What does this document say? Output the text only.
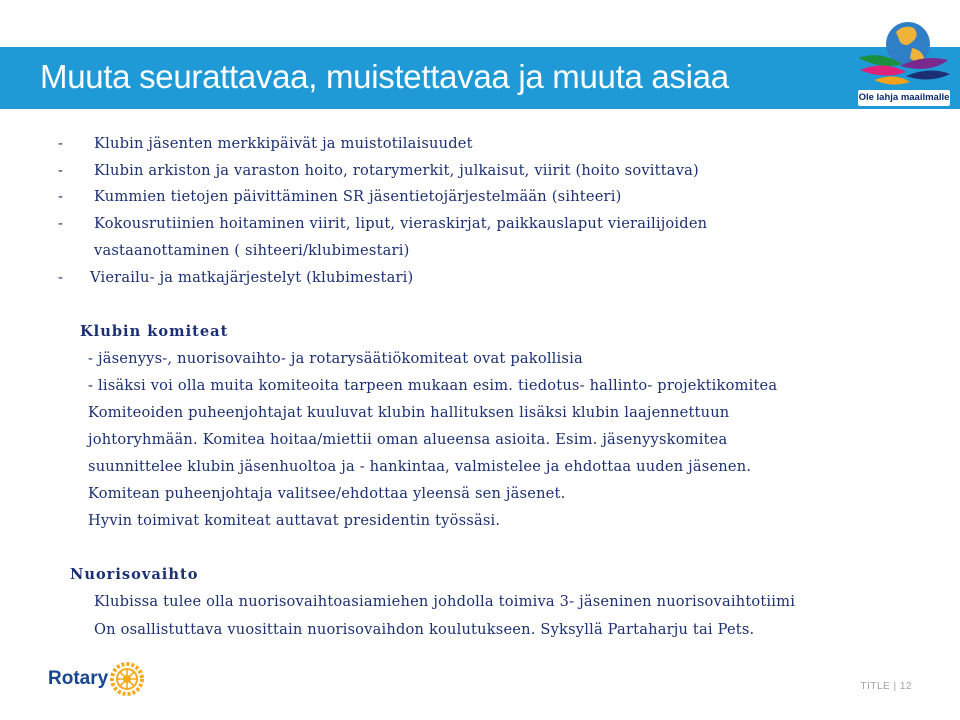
Muuta seurattavaa, muistettavaa ja muuta asiaa
Ole lahja maailmalle
- Klubin jäsenten merkkipäivät ja muistotilaisuudet
- Klubin arkiston ja varaston hoito, rotarymerkit, julkaisut, viirit (hoito sovittava)
- Kummien tietojen päivittäminen SR jäsentietojärjestelmään (sihteeri)
- Kokousrutiinien hoitaminen viirit, liput, vieraskirjat, paikkauslaput vierailijoiden
vastaanottaminen ( sihteeri/klubimestari)
- Vierailu- ja matkajärjestelyt (klubimestari)
Klubin komiteat
- jäsenyys-, nuorisovaihto- ja rotarysäätiökomiteat ovat pakollisia
- lisäksi voi olla muita komiteoita tarpeen mukaan esim. tiedotus- hallinto- projektikomitea
Komiteoiden puheenjohtajat kuuluvat klubin hallituksen lisäksi klubin laajennettuun
johtoryhmään. Komitea hoitaa/miettii oman alueensa asioita. Esim. jäsenyyskomitea
suunnittelee klubin jäsenhuoltoa ja - hankintaa, valmistelee ja ehdottaa uuden jäsenen.
Komitean puheenjohtaja valitsee/ehdottaa yleensä sen jäsenet.
Hyvin toimivat komiteat auttavat presidentin työssäsi.
Nuorisovaihto
Klubissa tulee olla nuorisovaihtoasiamiehen johdolla toimiva 3- jäseninen nuorisovaihtotiimi
On osallistuttava vuosittain nuorisovaihdon koulutukseen. Syksyllä Partaharju tai Pets.
Rotary	TITLE | 12
